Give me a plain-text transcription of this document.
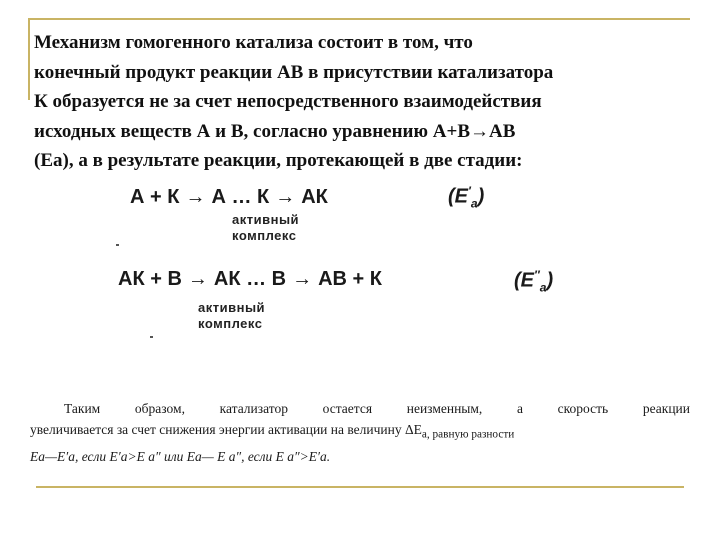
Механизм гомогенного катализа состоит в том, что
конечный продукт реакции АВ в присутствии катализатора
К образуется не за счет непосредственного взаимодействия
исходных веществ А и В, согласно уравнению А+В→АВ
(Еа), а в результате реакции, протекающей в две стадии:

А + К → А … К → АК
активный
комплекс
$(E'_a)$
АК + В → АК … В → АВ + К
активный
комплекс
$(E''_a)$
Таким образом, катализатор остается неизменным, а скорость реакции
увеличивается за счет снижения энергии активации на величину $\Delta E_{а, равную разности}$
Eа—E′а, если E′а>E а″ или Eа— E а″, если E а″>E′а.
